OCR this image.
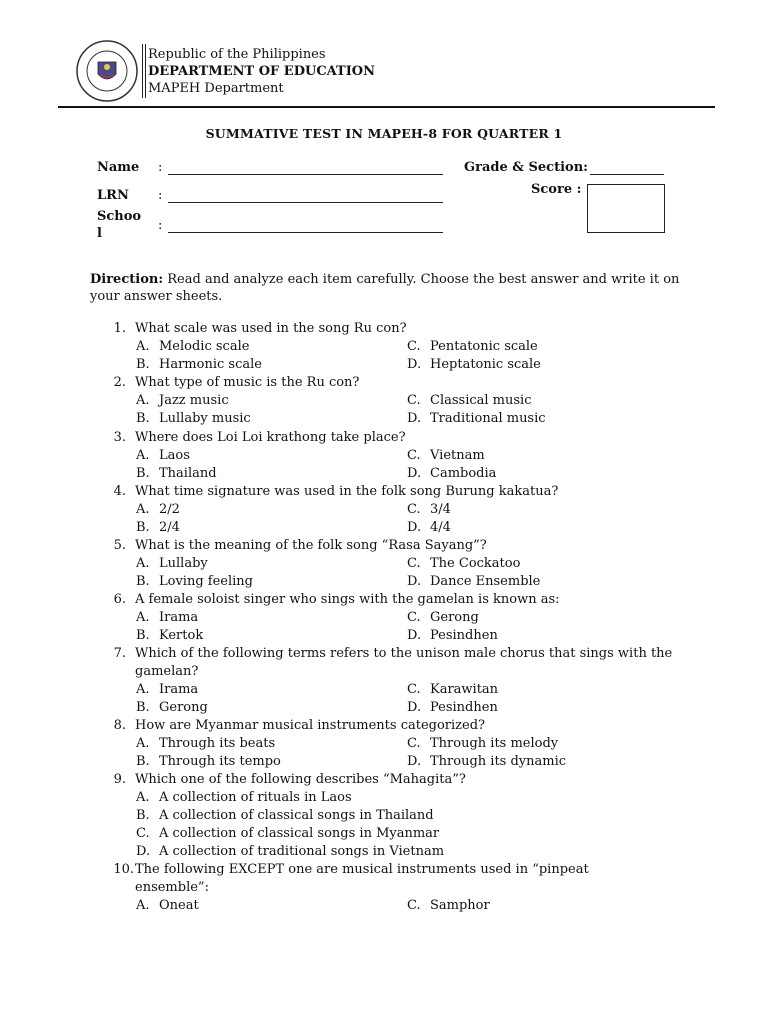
Republic of the Philippines
DEPARTMENT OF EDUCATION
MAPEH Department
SUMMATIVE TEST IN MAPEH-8 FOR QUARTER 1
Name :	Grade & Section:
LRN :	Score :
Schoo
l
:
Direction: Read and analyze each item carefully. Choose the best answer and write it on your answer sheets.
1. What scale was used in the song Ru con?
A. Melodic scale
B. Harmonic scale
C. Pentatonic scale
D. Heptatonic scale
2. What type of music is the Ru con?
A. Jazz music
B. Lullaby music
C. Classical music
D. Traditional music
3. Where does Loi Loi krathong take place?
A. Laos
B. Thailand
C. Vietnam
D. Cambodia
4. What time signature was used in the folk song Burung kakatua?
A. 2/2
B. 2/4
C. 3/4
D. 4/4
5. What is the meaning of the folk song “Rasa Sayang”?
A. Lullaby
B. Loving feeling
C. The Cockatoo
D. Dance Ensemble
6. A female soloist singer who sings with the gamelan is known as:
A. Irama
B. Kertok
C. Gerong
D. Pesindhen
7. Which of the following terms refers to the unison male chorus that sings with the gamelan?
A. Irama
B. Gerong
C. Karawitan
D. Pesindhen
8. How are Myanmar musical instruments categorized?
A. Through its beats
B. Through its tempo
C. Through its melody
D. Through its dynamic
9. Which one of the following describes “Mahagita”?
A. A collection of rituals in Laos
B. A collection of classical songs in Thailand
C. A collection of classical songs in Myanmar
D. A collection of traditional songs in Vietnam
10. The following EXCEPT one are musical instruments used in “pinpeat ensemble”:
A. Oneat	C. Samphor
